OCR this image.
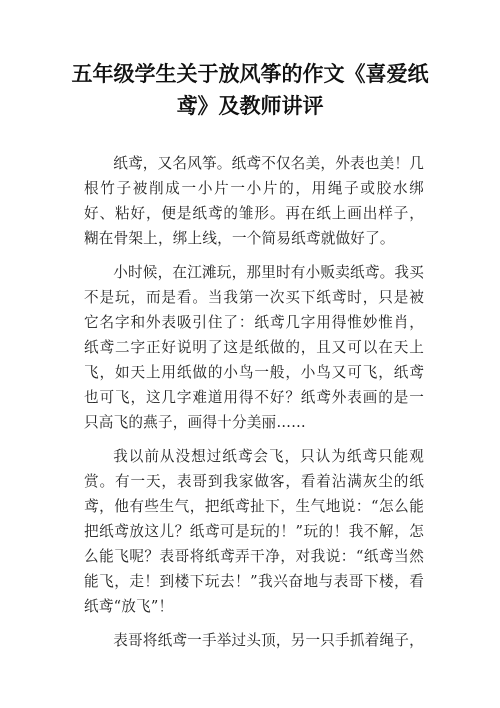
五年级学生关于放风筝的作文《喜爱纸鸢》及教师讲评

纸鸢，又名风筝。纸鸢不仅名美，外表也美！几根竹子被削成一小片一小片的，用绳子或胶水绑好、粘好，便是纸鸢的雏形。再在纸上画出样子，糊在骨架上，绑上线，一个简易纸鸢就做好了。

小时候，在江滩玩，那里时有小贩卖纸鸢。我买不是玩，而是看。当我第一次买下纸鸢时，只是被它名字和外表吸引住了：纸鸢几字用得惟妙惟肖，纸鸢二字正好说明了这是纸做的，且又可以在天上飞，如天上用纸做的小鸟一般，小鸟又可飞，纸鸢也可飞，这几字难道用得不好？纸鸢外表画的是一只高飞的燕子，画得十分美丽……

我以前从没想过纸鸢会飞，只认为纸鸢只能观赏。有一天，表哥到我家做客，看着沾满灰尘的纸鸢，他有些生气，把纸鸢扯下，生气地说：“怎么能把纸鸢放这儿？纸鸢可是玩的！”玩的！我不解，怎么能飞呢？表哥将纸鸢弄干净，对我说：“纸鸢当然能飞，走！到楼下玩去！”我兴奋地与表哥下楼，看纸鸢“放飞”！

表哥将纸鸢一手举过头顶，另一只手抓着绳子，
